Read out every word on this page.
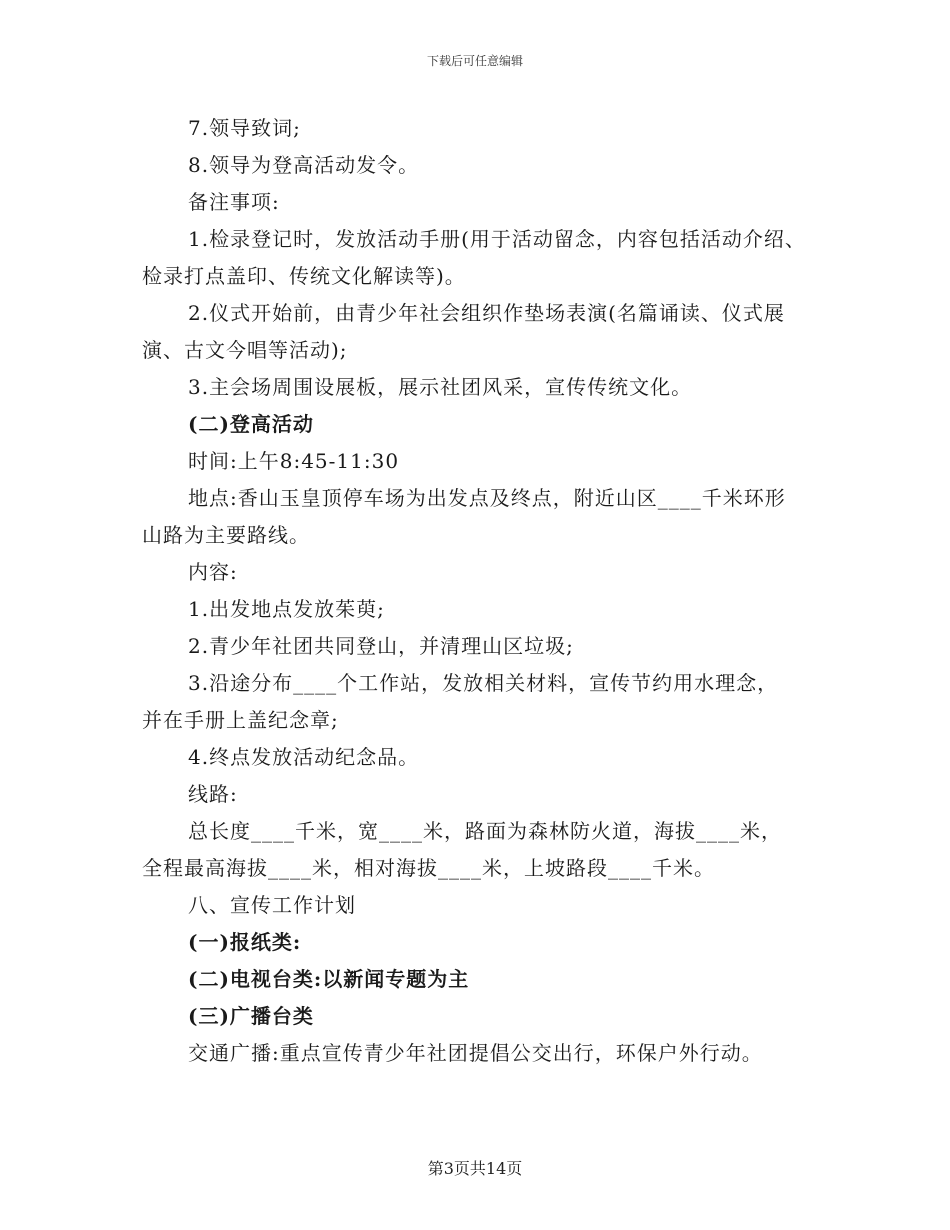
下载后可任意编辑
7.领导致词;
8.领导为登高活动发令。
备注事项:
1.检录登记时，发放活动手册(用于活动留念，内容包括活动介绍、
检录打点盖印、传统文化解读等)。
2.仪式开始前，由青少年社会组织作垫场表演(名篇诵读、仪式展
演、古文今唱等活动);
3.主会场周围设展板，展示社团风采，宣传传统文化。
(二)登高活动
时间:上午8:45-11:30
地点:香山玉皇顶停车场为出发点及终点，附近山区____千米环形
山路为主要路线。
内容:
1.出发地点发放茱萸;
2.青少年社团共同登山，并清理山区垃圾;
3.沿途分布____个工作站，发放相关材料，宣传节约用水理念，
并在手册上盖纪念章;
4.终点发放活动纪念品。
线路:
总长度____千米，宽____米，路面为森林防火道，海拔____米，
全程最高海拔____米，相对海拔____米，上坡路段____千米。
八、宣传工作计划
(一)报纸类:
(二)电视台类:以新闻专题为主
(三)广播台类
交通广播:重点宣传青少年社团提倡公交出行，环保户外行动。
第3页共14页
